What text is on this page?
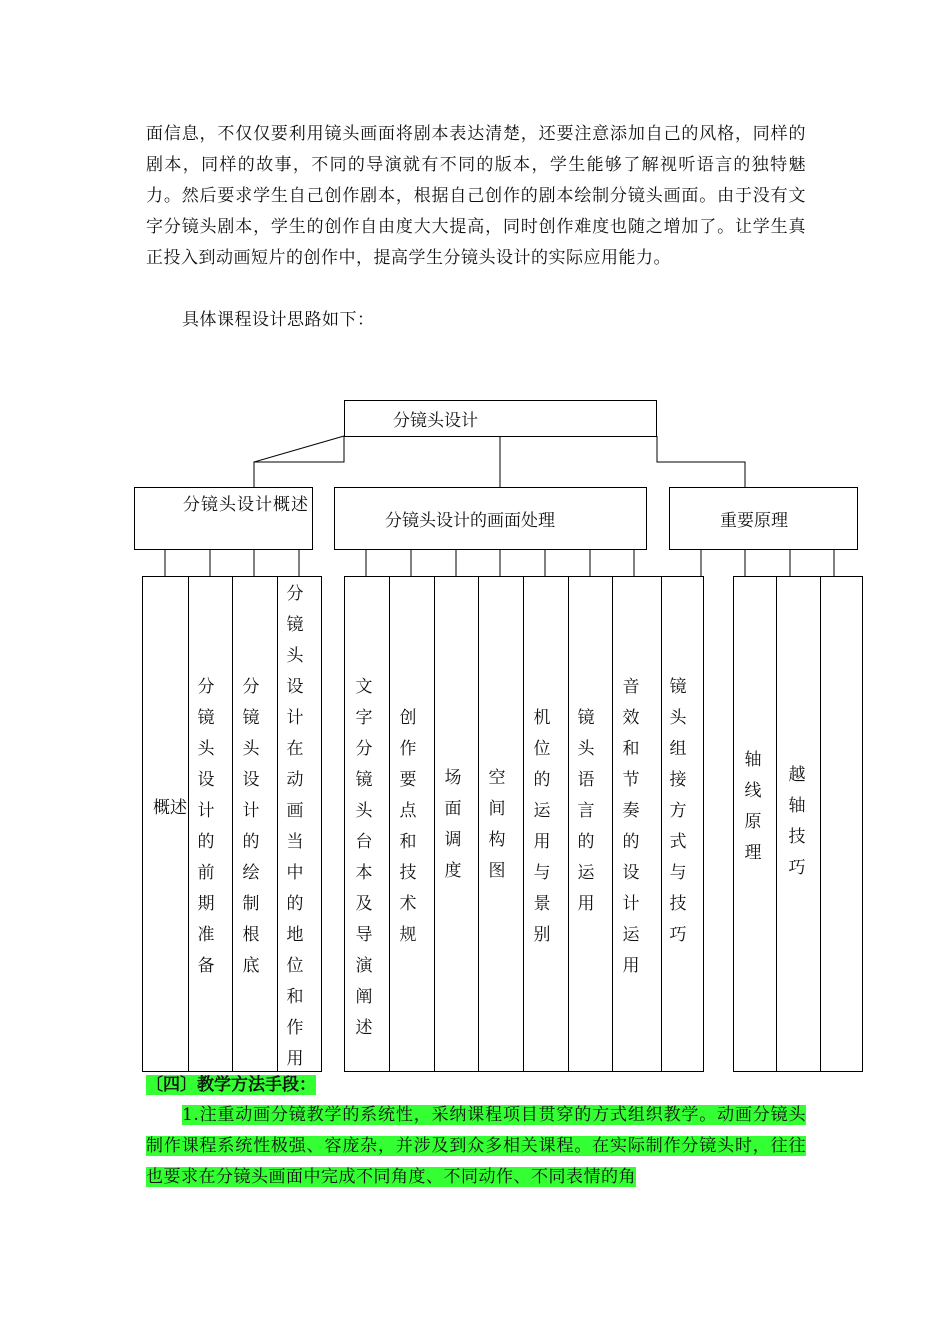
面信息，不仅仅要利用镜头画面将剧本表达清楚，还要注意添加自己的风格，同样的剧本，同样的故事，不同的导演就有不同的版本，学生能够了解视听语言的独特魅力。然后要求学生自己创作剧本，根据自己创作的剧本绘制分镜头画面。由于没有文字分镜头剧本，学生的创作自由度大大提高，同时创作难度也随之增加了。让学生真正投入到动画短片的创作中，提高学生分镜头设计的实际应用能力。
具体课程设计思路如下：
分镜头设计
分镜头设计概述
分镜头设计的画面处理	重要原理
概述
分镜头设计的前期准备
分镜头设计的绘制根底
分镜头设计在动画当中的地位和作用
文字分镜头台本及导演阐述
创作要点和技术规
场面调度
空间构图
机位的运用与景别
镜头语言的运用
音效和节奏的设计运用
镜头组接方式与技巧
轴线原理
越轴技巧
〔四〕教学方法手段：
1.注重动画分镜教学的系统性，采纳课程项目贯穿的方式组织教学。动画分镜头制作课程系统性极强、容庞杂，并涉及到众多相关课程。在实际制作分镜头时，往往也要求在分镜头画面中完成不同角度、不同动作、不同表情的角
